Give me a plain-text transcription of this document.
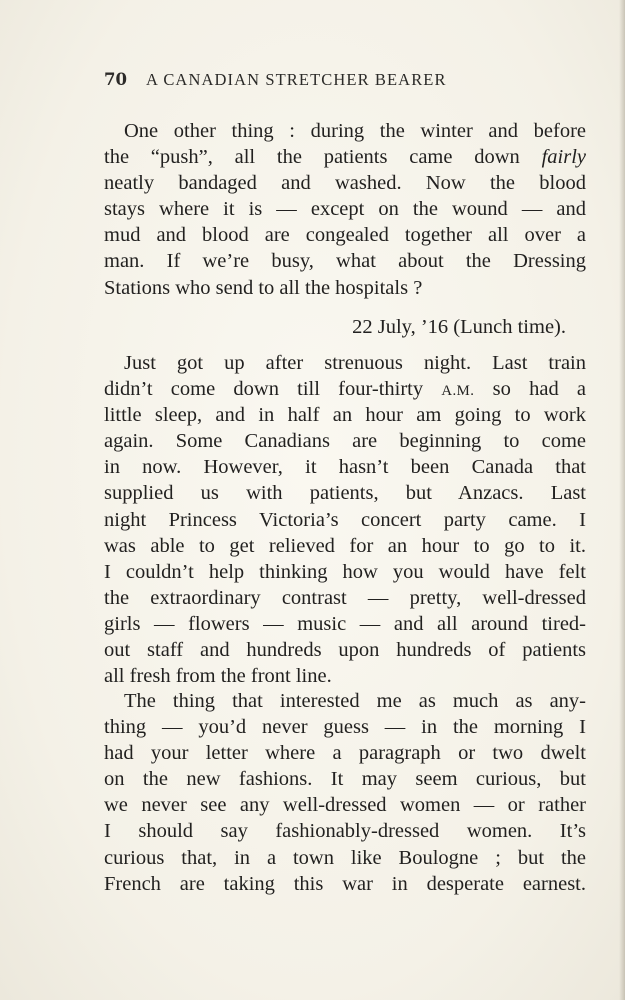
70 A CANADIAN STRETCHER BEARER
One other thing : during the winter and before
the “push”, all the patients came down fairly
neatly bandaged and washed. Now the blood
stays where it is — except on the wound — and
mud and blood are congealed together all over a
man. If we’re busy, what about the Dressing
Stations who send to all the hospitals ?
22 July, ’16 (Lunch time).
Just got up after strenuous night. Last train
didn’t come down till four-thirty A.M. so had a
little sleep, and in half an hour am going to work
again. Some Canadians are beginning to come
in now. However, it hasn’t been Canada that
supplied us with patients, but Anzacs. Last
night Princess Victoria’s concert party came. I
was able to get relieved for an hour to go to it.
I couldn’t help thinking how you would have felt
the extraordinary contrast — pretty, well-dressed
girls — flowers — music — and all around tired-
out staff and hundreds upon hundreds of patients
all fresh from the front line.
The thing that interested me as much as any-
thing — you’d never guess — in the morning I
had your letter where a paragraph or two dwelt
on the new fashions. It may seem curious, but
we never see any well-dressed women — or rather
I should say fashionably-dressed women. It’s
curious that, in a town like Boulogne ; but the
French are taking this war in desperate earnest.
